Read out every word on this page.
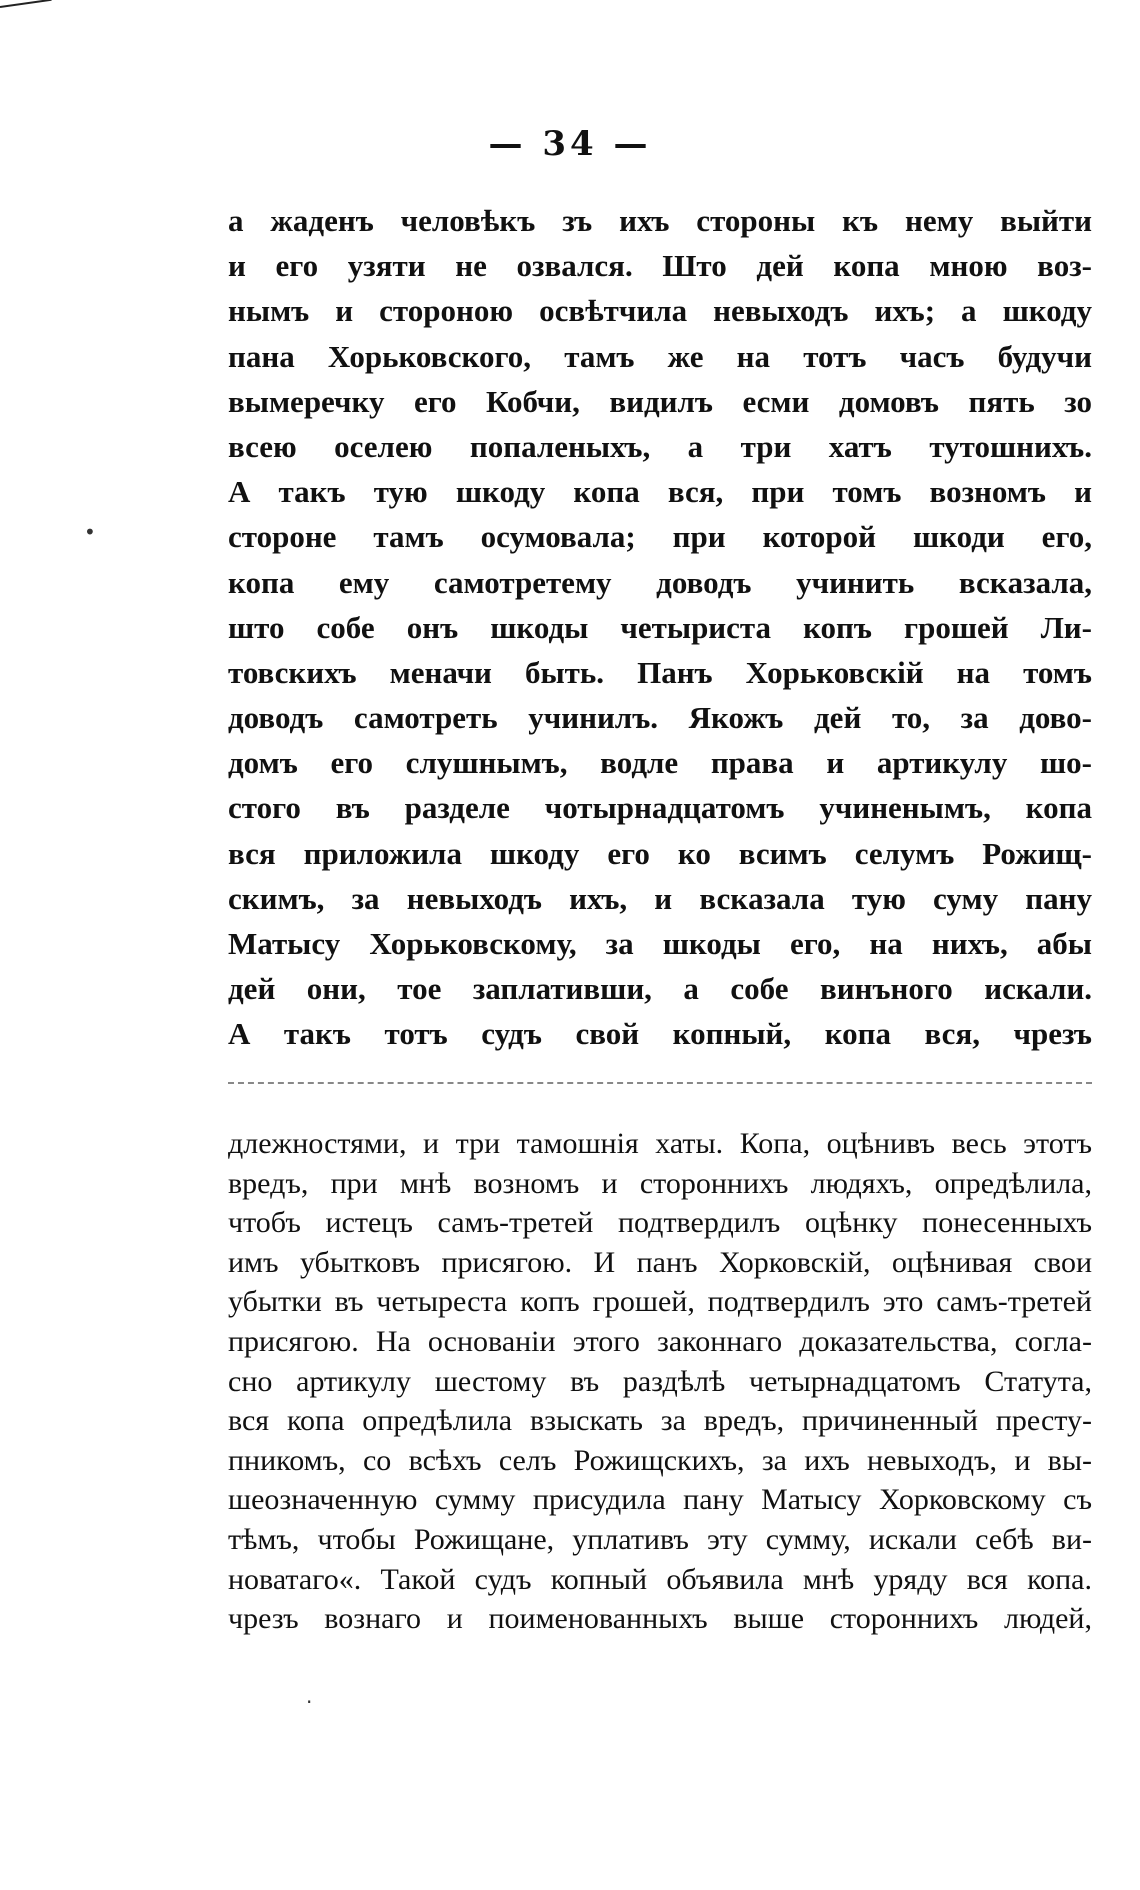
— 34 —
а жаденъ человѣкъ зъ ихъ стороны къ нему выйти
и его узяти не озвался. Што дей копа мною воз-
нымъ и стороною освѣтчила невыходъ ихъ; а шкоду
пана Хорьковского, тамъ же на тотъ часъ будучи
вымеречку его Кобчи, видилъ есми домовъ пять зо
всею оселею попаленыхъ, а три хатъ тутошнихъ.
А такъ тую шкоду копа вся, при томъ возномъ и
стороне тамъ осумовала; при которой шкоди его,
копа ему самотретему доводъ учинить вскaзала,
што собе онъ шкоды четыриста копъ грошей Ли-
товскихъ меначи быть. Панъ Хорьковскій на томъ
доводъ самотреть учинилъ. Якожъ дей то, за дово-
домъ его слушнымъ, водле права и артикулу шо-
стого въ разделе чотырнадцатомъ учиненымъ, копа
вся приложила шкоду его ко всимъ селумъ Рожищ-
скимъ, за невыходъ ихъ, и вскaзала тую суму пану
Матысу Хорьковскому, за шкоды его, на нихъ, абы
дей они, тое заплативши, а собе винъного искали.
А такъ тотъ судъ свой копный, копа вся, чрезъ
длежностями, и три тамошнія хаты. Копа, оцѣнивъ весь этотъ
вредъ, при мнѣ возномъ и стороннихъ людяхъ, опредѣлила,
чтобъ истецъ самъ-третей подтвердилъ оцѣнку понесенныхъ
имъ убытковъ присягою. И панъ Хорковскій, оцѣнивая свои
убытки въ четыреста копъ грошей, подтвердилъ это самъ-третей
присягою. На основаніи этого законнаго доказательства, согла-
сно артикулу шестому въ раздѣлѣ четырнадцатомъ Статута,
вся копа опредѣлила взыскать за вредъ, причиненный престу-
пникомъ, со всѣхъ селъ Рожищскихъ, за ихъ невыходъ, и вы-
шеозначенную сумму присудила пану Матысу Хорковскому съ
тѣмъ, чтобы Рожищане, уплативъ эту сумму, искали себѣ ви-
новатаго«. Такой судъ копный объявила мнѣ уряду вся копа.
чрезъ вознаго и поименованныхъ выше стороннихъ людей,
•
·
